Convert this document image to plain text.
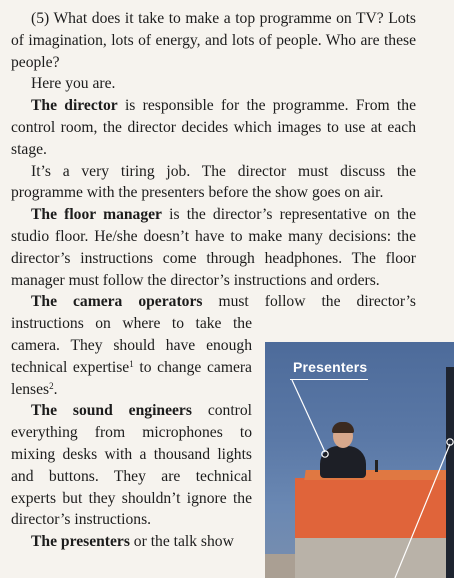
(5) What does it take to make a top programme on TV? Lots of imagination, lots of energy, and lots of people. Who are these people?

Here you are.

The director is responsible for the programme. From the control room, the director decides which images to use at each stage.

It’s a very tiring job. The director must discuss the programme with the presenters before the show goes on air.

The floor manager is the director’s representative on the studio floor. He/she doesn’t have to make many decisions: the director’s instructions come through headphones. The floor manager must follow the director’s instructions and orders.

The camera operators must follow the director’s

instructions on where to take the camera. They should have enough technical expertise$^1$ to change camera lenses$^2$.

The sound engineers control everything from microphones to mixing desks with a thousand lights and buttons. They are technical experts but they shouldn’t ignore the director’s instructions.

The presenters or the talk show

Presenters
